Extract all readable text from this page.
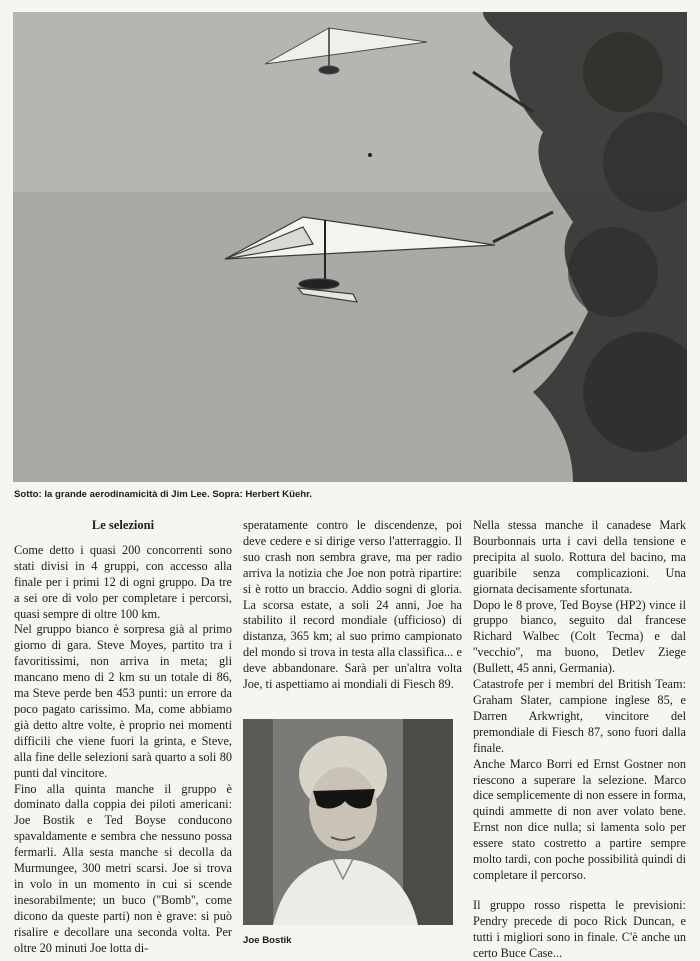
Sotto: la grande aerodinamicità di Jim Lee. Sopra: Herbert Küehr.

Le selezioni

Come detto i quasi 200 concorrenti sono stati divisi in 4 gruppi, con accesso alla finale per i primi 12 di ogni gruppo. Da tre a sei ore di volo per completare i percorsi, quasi sempre di oltre 100 km.

Nel gruppo bianco è sorpresa già al primo giorno di gara. Steve Moyes, partito tra i favoritissimi, non arriva in meta; gli mancano meno di 2 km su un totale di 86, ma Steve perde ben 453 punti: un errore da poco pagato carissimo. Ma, come abbiamo già detto altre volte, è proprio nei momenti difficili che viene fuori la grinta, e Steve, alla fine delle selezioni sarà quarto a soli 80 punti dal vincitore.

Fino alla quinta manche il gruppo è dominato dalla coppia dei piloti americani: Joe Bostik e Ted Boyse conducono spavaldamente e sembra che nessuno possa fermarli. Alla sesta manche si decolla da Murmungee, 300 metri scarsi. Joe si trova in volo in un momento in cui si scende inesorabilmente; un buco (''Bomb'', come dicono da queste parti) non è grave: si può risalire e decollare una seconda volta. Per oltre 20 minuti Joe lotta di-

speratamente contro le discendenze, poi deve cedere e si dirige verso l'atterraggio. Il suo crash non sembra grave, ma per radio arriva la notizia che Joe non potrà ripartire: si è rotto un braccio. Addio sogni di gloria. La scorsa estate, a soli 24 anni, Joe ha stabilito il record mondiale (ufficioso) di distanza, 365 km; al suo primo campionato del mondo si trova in testa alla classifica... e deve abbandonare. Sarà per un'altra volta Joe, ti aspettiamo ai mondiali di Fiesch 89.

Joe Bostik

Nella stessa manche il canadese Mark Bourbonnais urta i cavi della tensione e precipita al suolo. Rottura del bacino, ma guaribile senza complicazioni. Una giornata decisamente sfortunata.

Dopo le 8 prove, Ted Boyse (HP2) vince il gruppo bianco, seguito dal francese Richard Walbec (Colt Tecma) e dal ''vecchio'', ma buono, Detlev Ziege (Bullett, 45 anni, Germania).

Catastrofe per i membri del British Team: Graham Slater, campione inglese 85, e Darren Arkwright, vincitore del premondiale di Fiesch 87, sono fuori dalla finale.

Anche Marco Borri ed Ernst Gostner non riescono a superare la selezione. Marco dice semplicemente di non essere in forma, quindi ammette di non aver volato bene. Ernst non dice nulla; si lamenta solo per essere stato costretto a partire sempre molto tardi, con poche possibilità quindi di completare il percorso.

Il gruppo rosso rispetta le previsioni: Pendry precede di poco Rick Duncan, e tutti i migliori sono in finale. C'è anche un certo Buce Case...
